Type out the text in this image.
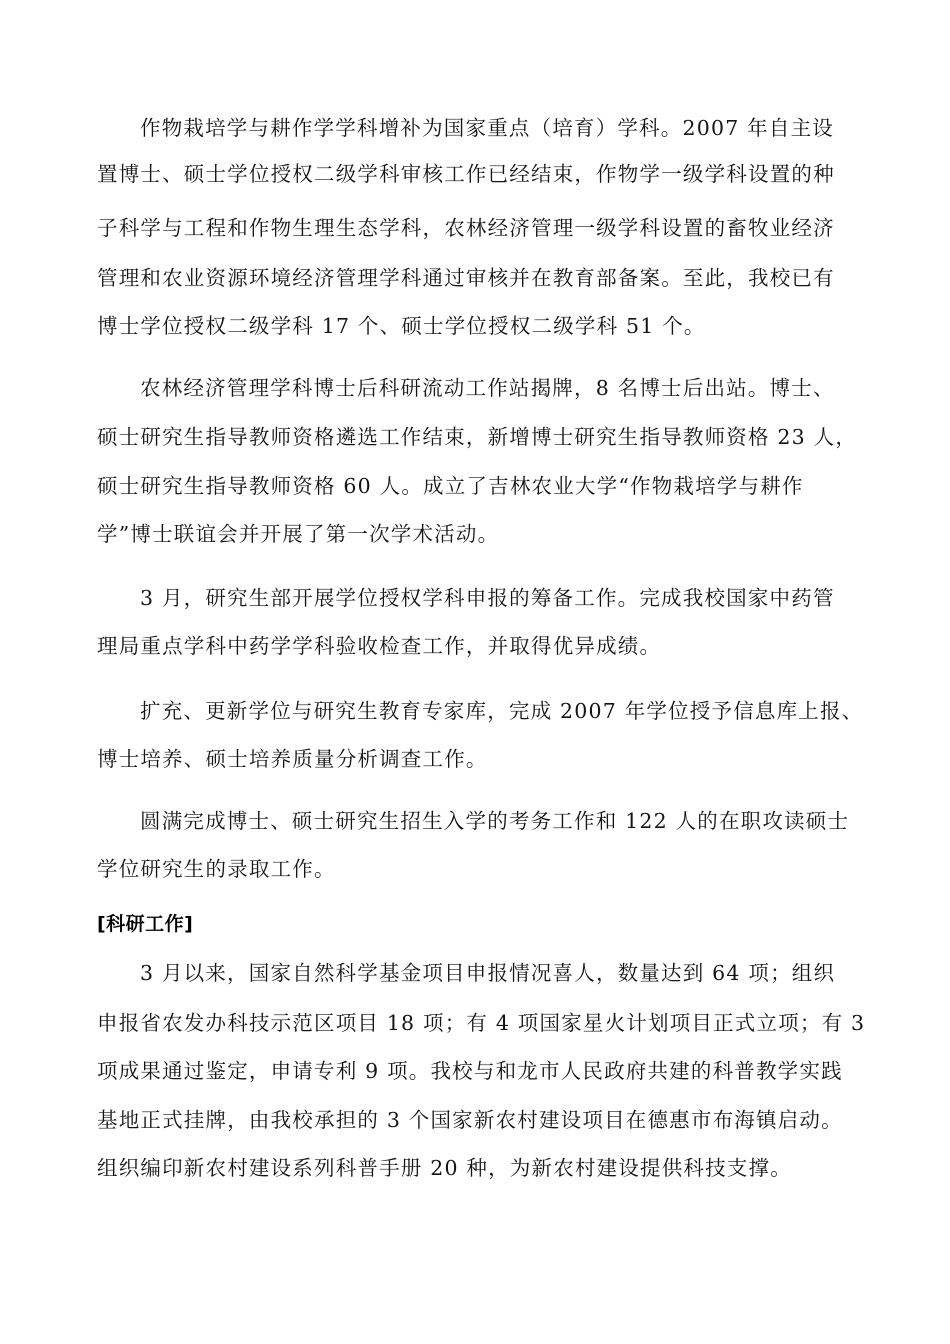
作物栽培学与耕作学学科增补为国家重点（培育）学科。2007 年自主设
置博士、硕士学位授权二级学科审核工作已经结束，作物学一级学科设置的种
子科学与工程和作物生理生态学科，农林经济管理一级学科设置的畜牧业经济
管理和农业资源环境经济管理学科通过审核并在教育部备案。至此，我校已有
博士学位授权二级学科 17 个、硕士学位授权二级学科 51 个。
农林经济管理学科博士后科研流动工作站揭牌，8 名博士后出站。博士、
硕士研究生指导教师资格遴选工作结束，新增博士研究生指导教师资格 23 人，
硕士研究生指导教师资格 60 人。成立了吉林农业大学“作物栽培学与耕作
学”博士联谊会并开展了第一次学术活动。
3 月，研究生部开展学位授权学科申报的筹备工作。完成我校国家中药管
理局重点学科中药学学科验收检查工作，并取得优异成绩。
扩充、更新学位与研究生教育专家库，完成 2007 年学位授予信息库上报、
博士培养、硕士培养质量分析调查工作。
圆满完成博士、硕士研究生招生入学的考务工作和 122 人的在职攻读硕士
学位研究生的录取工作。
[科研工作]
3 月以来，国家自然科学基金项目申报情况喜人，数量达到 64 项；组织
申报省农发办科技示范区项目 18 项；有 4 项国家星火计划项目正式立项；有 3
项成果通过鉴定，申请专利 9 项。我校与和龙市人民政府共建的科普教学实践
基地正式挂牌，由我校承担的 3 个国家新农村建设项目在德惠市布海镇启动。
组织编印新农村建设系列科普手册 20 种，为新农村建设提供科技支撑。
